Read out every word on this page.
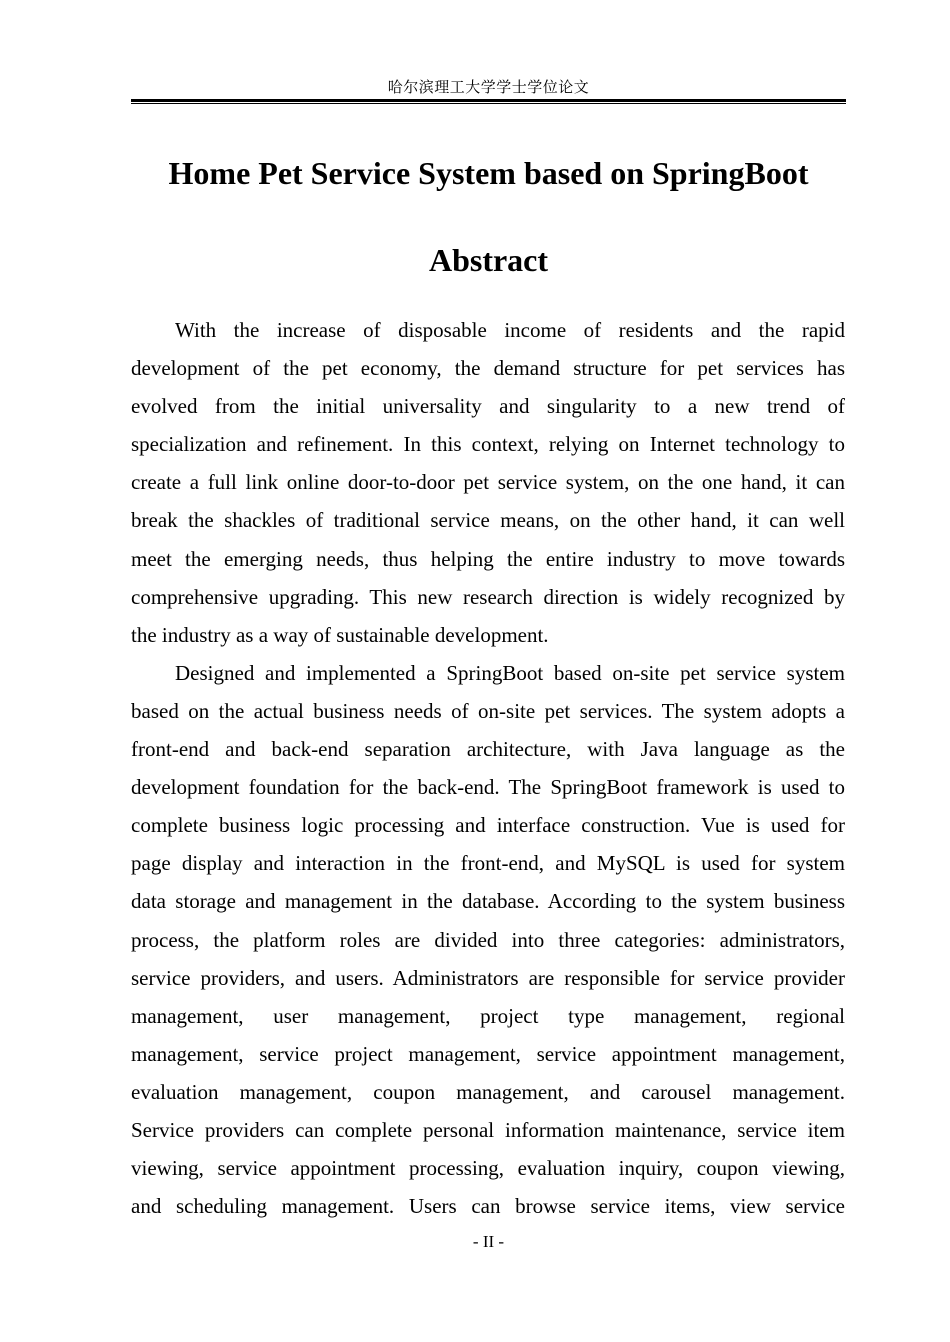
哈尔滨理工大学学士学位论文
Home Pet Service System based on SpringBoot
Abstract
With the increase of disposable income of residents and the rapid
development of the pet economy, the demand structure for pet services has
evolved from the initial universality and singularity to a new trend of
specialization and refinement. In this context, relying on Internet technology to
create a full link online door-to-door pet service system, on the one hand, it can
break the shackles of traditional service means, on the other hand, it can well
meet the emerging needs, thus helping the entire industry to move towards
comprehensive upgrading. This new research direction is widely recognized by
the industry as a way of sustainable development.
Designed and implemented a SpringBoot based on-site pet service system
based on the actual business needs of on-site pet services. The system adopts a
front-end and back-end separation architecture, with Java language as the
development foundation for the back-end. The SpringBoot framework is used to
complete business logic processing and interface construction. Vue is used for
page display and interaction in the front-end, and MySQL is used for system
data storage and management in the database. According to the system business
process, the platform roles are divided into three categories: administrators,
service providers, and users. Administrators are responsible for service provider
management, user management, project type management, regional
management, service project management, service appointment management,
evaluation management, coupon management, and carousel management.
Service providers can complete personal information maintenance, service item
viewing, service appointment processing, evaluation inquiry, coupon viewing,
and scheduling management. Users can browse service items, view service
- II -
